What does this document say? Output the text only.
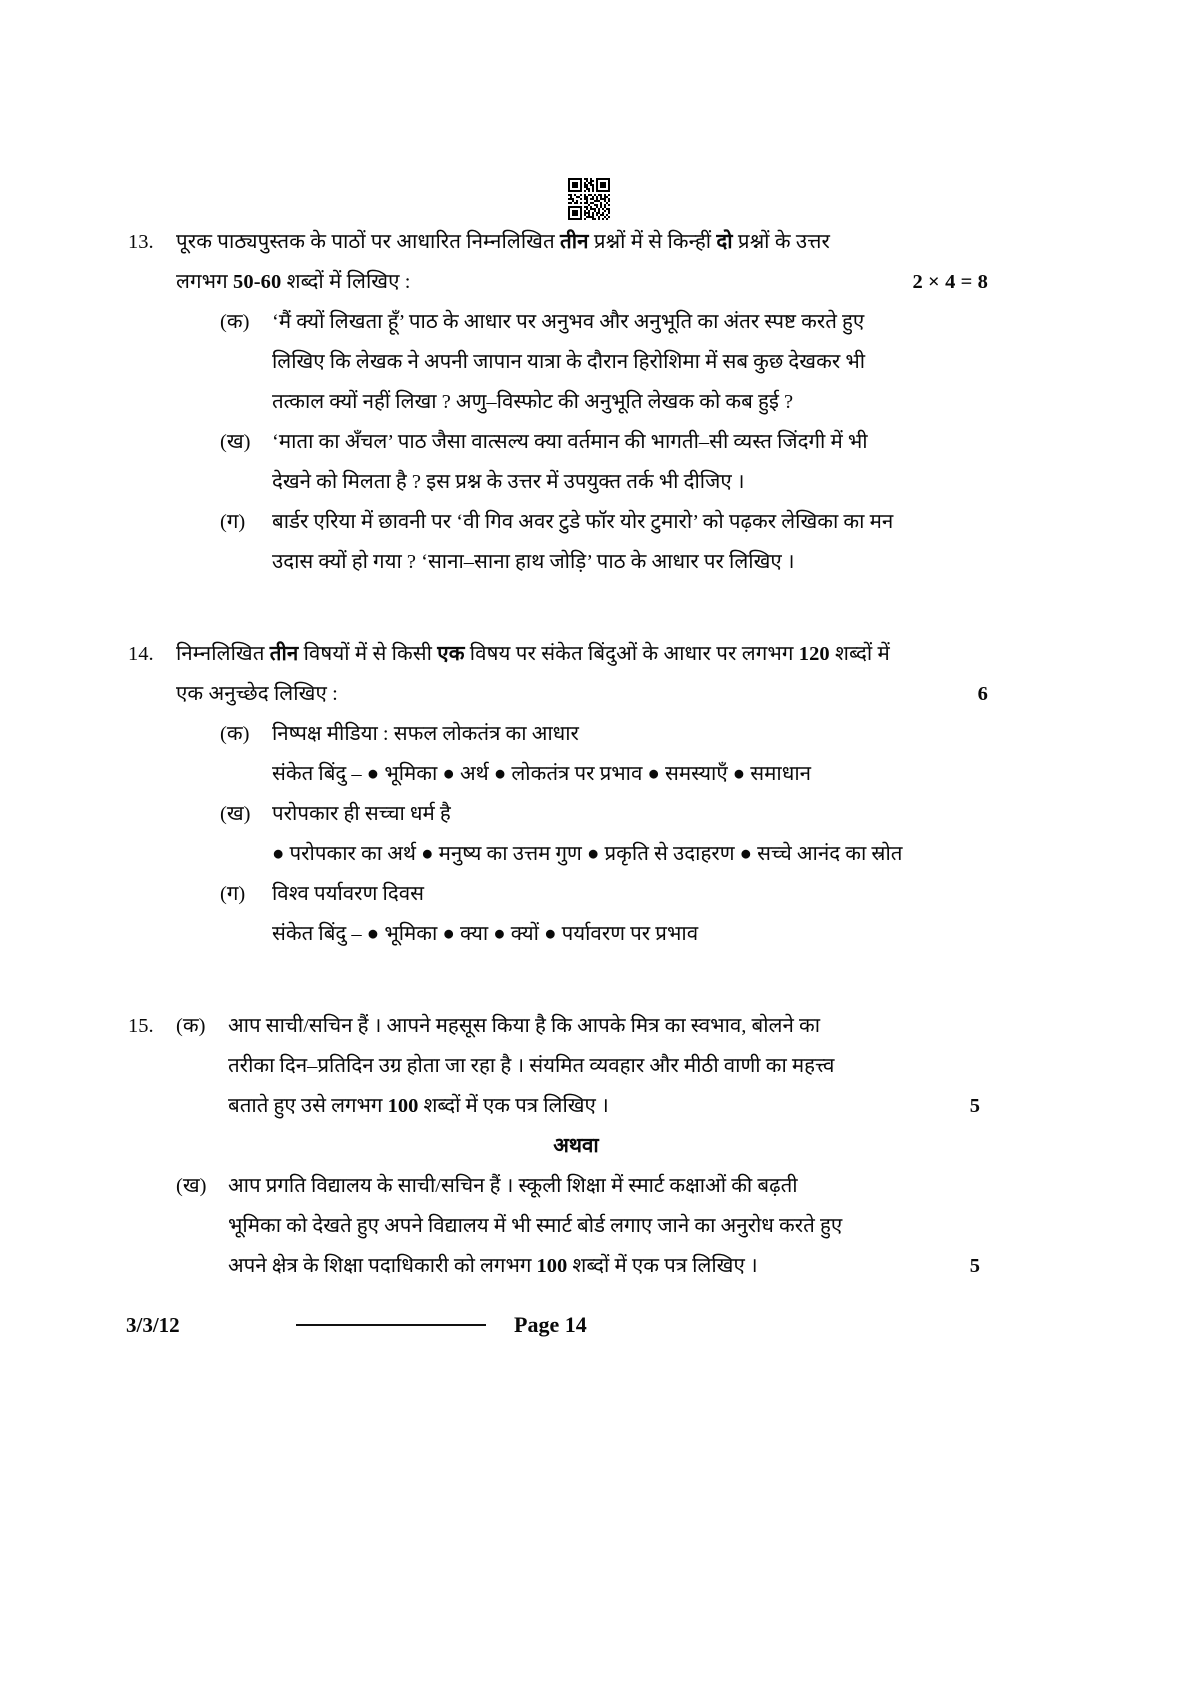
13.	पूरक पाठ्यपुस्तक के पाठों पर आधारित निम्नलिखित तीन प्रश्नों में से किन्हीं दो प्रश्नों के उत्तर
लगभग 50-60 शब्दों में लिखिए :	2 × 4 = 8
(क)	‘मैं क्यों लिखता हूँ’ पाठ के आधार पर अनुभव और अनुभूति का अंतर स्पष्ट करते हुए
लिखिए कि लेखक ने अपनी जापान यात्रा के दौरान हिरोशिमा में सब कुछ देखकर भी
तत्काल क्यों नहीं लिखा ? अणु–विस्फोट की अनुभूति लेखक को कब हुई ?
(ख)	‘माता का अँचल’ पाठ जैसा वात्सल्य क्या वर्तमान की भागती–सी व्यस्त जिंदगी में भी
देखने को मिलता है ? इस प्रश्न के उत्तर में उपयुक्त तर्क भी दीजिए ।
(ग)	बार्डर एरिया में छावनी पर ‘वी गिव अवर टुडे फॉर योर टुमारो’ को पढ़कर लेखिका का मन
उदास क्यों हो गया ? ‘साना–साना हाथ जोड़ि’ पाठ के आधार पर लिखिए ।
14.	निम्नलिखित तीन विषयों में से किसी एक विषय पर संकेत बिंदुओं के आधार पर लगभग 120 शब्दों में
एक अनुच्छेद लिखिए :	6
(क)	निष्पक्ष मीडिया : सफल लोकतंत्र का आधार
संकेत बिंदु – ● भूमिका ● अर्थ ● लोकतंत्र पर प्रभाव ● समस्याएँ ● समाधान
(ख)	परोपकार ही सच्चा धर्म है
● परोपकार का अर्थ ● मनुष्य का उत्तम गुण ● प्रकृति से उदाहरण ● सच्चे आनंद का स्रोत
(ग)	विश्व पर्यावरण दिवस
संकेत बिंदु – ● भूमिका ● क्या ● क्यों ● पर्यावरण पर प्रभाव
15.	(क)	आप साची/सचिन हैं । आपने महसूस किया है कि आपके मित्र का स्वभाव, बोलने का
तरीका दिन–प्रतिदिन उग्र होता जा रहा है । संयमित व्यवहार और मीठी वाणी का महत्त्व
बताते हुए उसे लगभग 100 शब्दों में एक पत्र लिखिए ।	5
अथवा
(ख)	आप प्रगति विद्यालय के साची/सचिन हैं । स्कूली शिक्षा में स्मार्ट कक्षाओं की बढ़ती
भूमिका को देखते हुए अपने विद्यालय में भी स्मार्ट बोर्ड लगाए जाने का अनुरोध करते हुए
अपने क्षेत्र के शिक्षा पदाधिकारी को लगभग 100 शब्दों में एक पत्र लिखिए ।	5
3/3/12	Page 14
